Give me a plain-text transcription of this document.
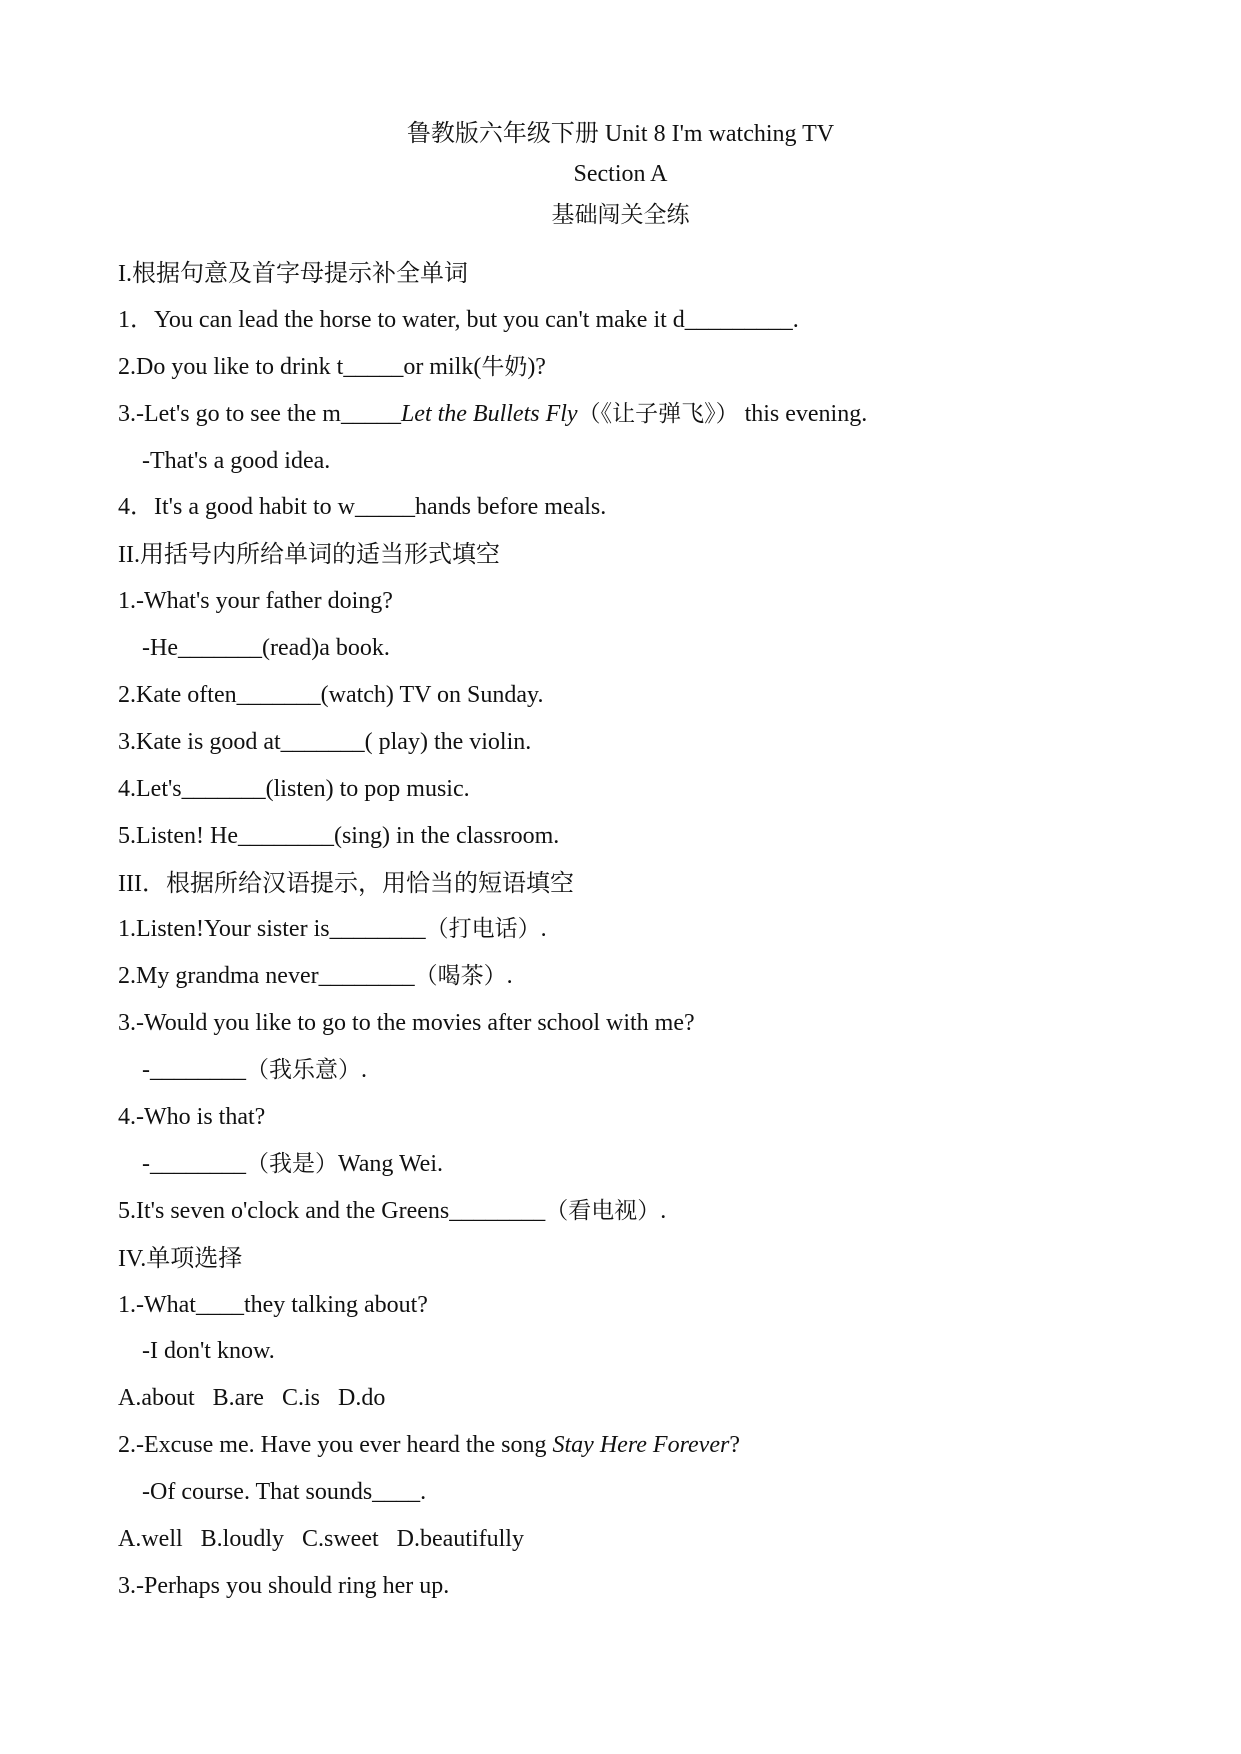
鲁教版六年级下册 Unit 8 I'm watching TV
Section A
基础闯关全练
I.根据句意及首字母提示补全单词
1．You can lead the horse to water, but you can't make it d_________.
2.Do you like to drink t_____or milk(牛奶)?
3.-Let's go to see the m_____Let the Bullets Fly（《让子弹飞》） this evening.
-That's a good idea.
4．It's a good habit to w_____hands before meals.
II.用括号内所给单词的适当形式填空
1.-What's your father doing?
-He_______(read)a book.
2.Kate often_______(watch) TV on Sunday.
3.Kate is good at_______( play) the violin.
4.Let's_______(listen) to pop music.
5.Listen! He________(sing) in the classroom.
III．根据所给汉语提示，用恰当的短语填空
1.Listen!Your sister is________（打电话）.
2.My grandma never________（喝茶）.
3.-Would you like to go to the movies after school with me?
-________（我乐意）.
4.-Who is that?
-________（我是）Wang Wei.
5.It's seven o'clock and the Greens________（看电视）.
IV.单项选择
1.-What____they talking about?
-I don't know.
A.about B.are C.is D.do
2.-Excuse me. Have you ever heard the song Stay Here Forever?
-Of course. That sounds____.
A.well B.loudly C.sweet D.beautifully
3.-Perhaps you should ring her up.
